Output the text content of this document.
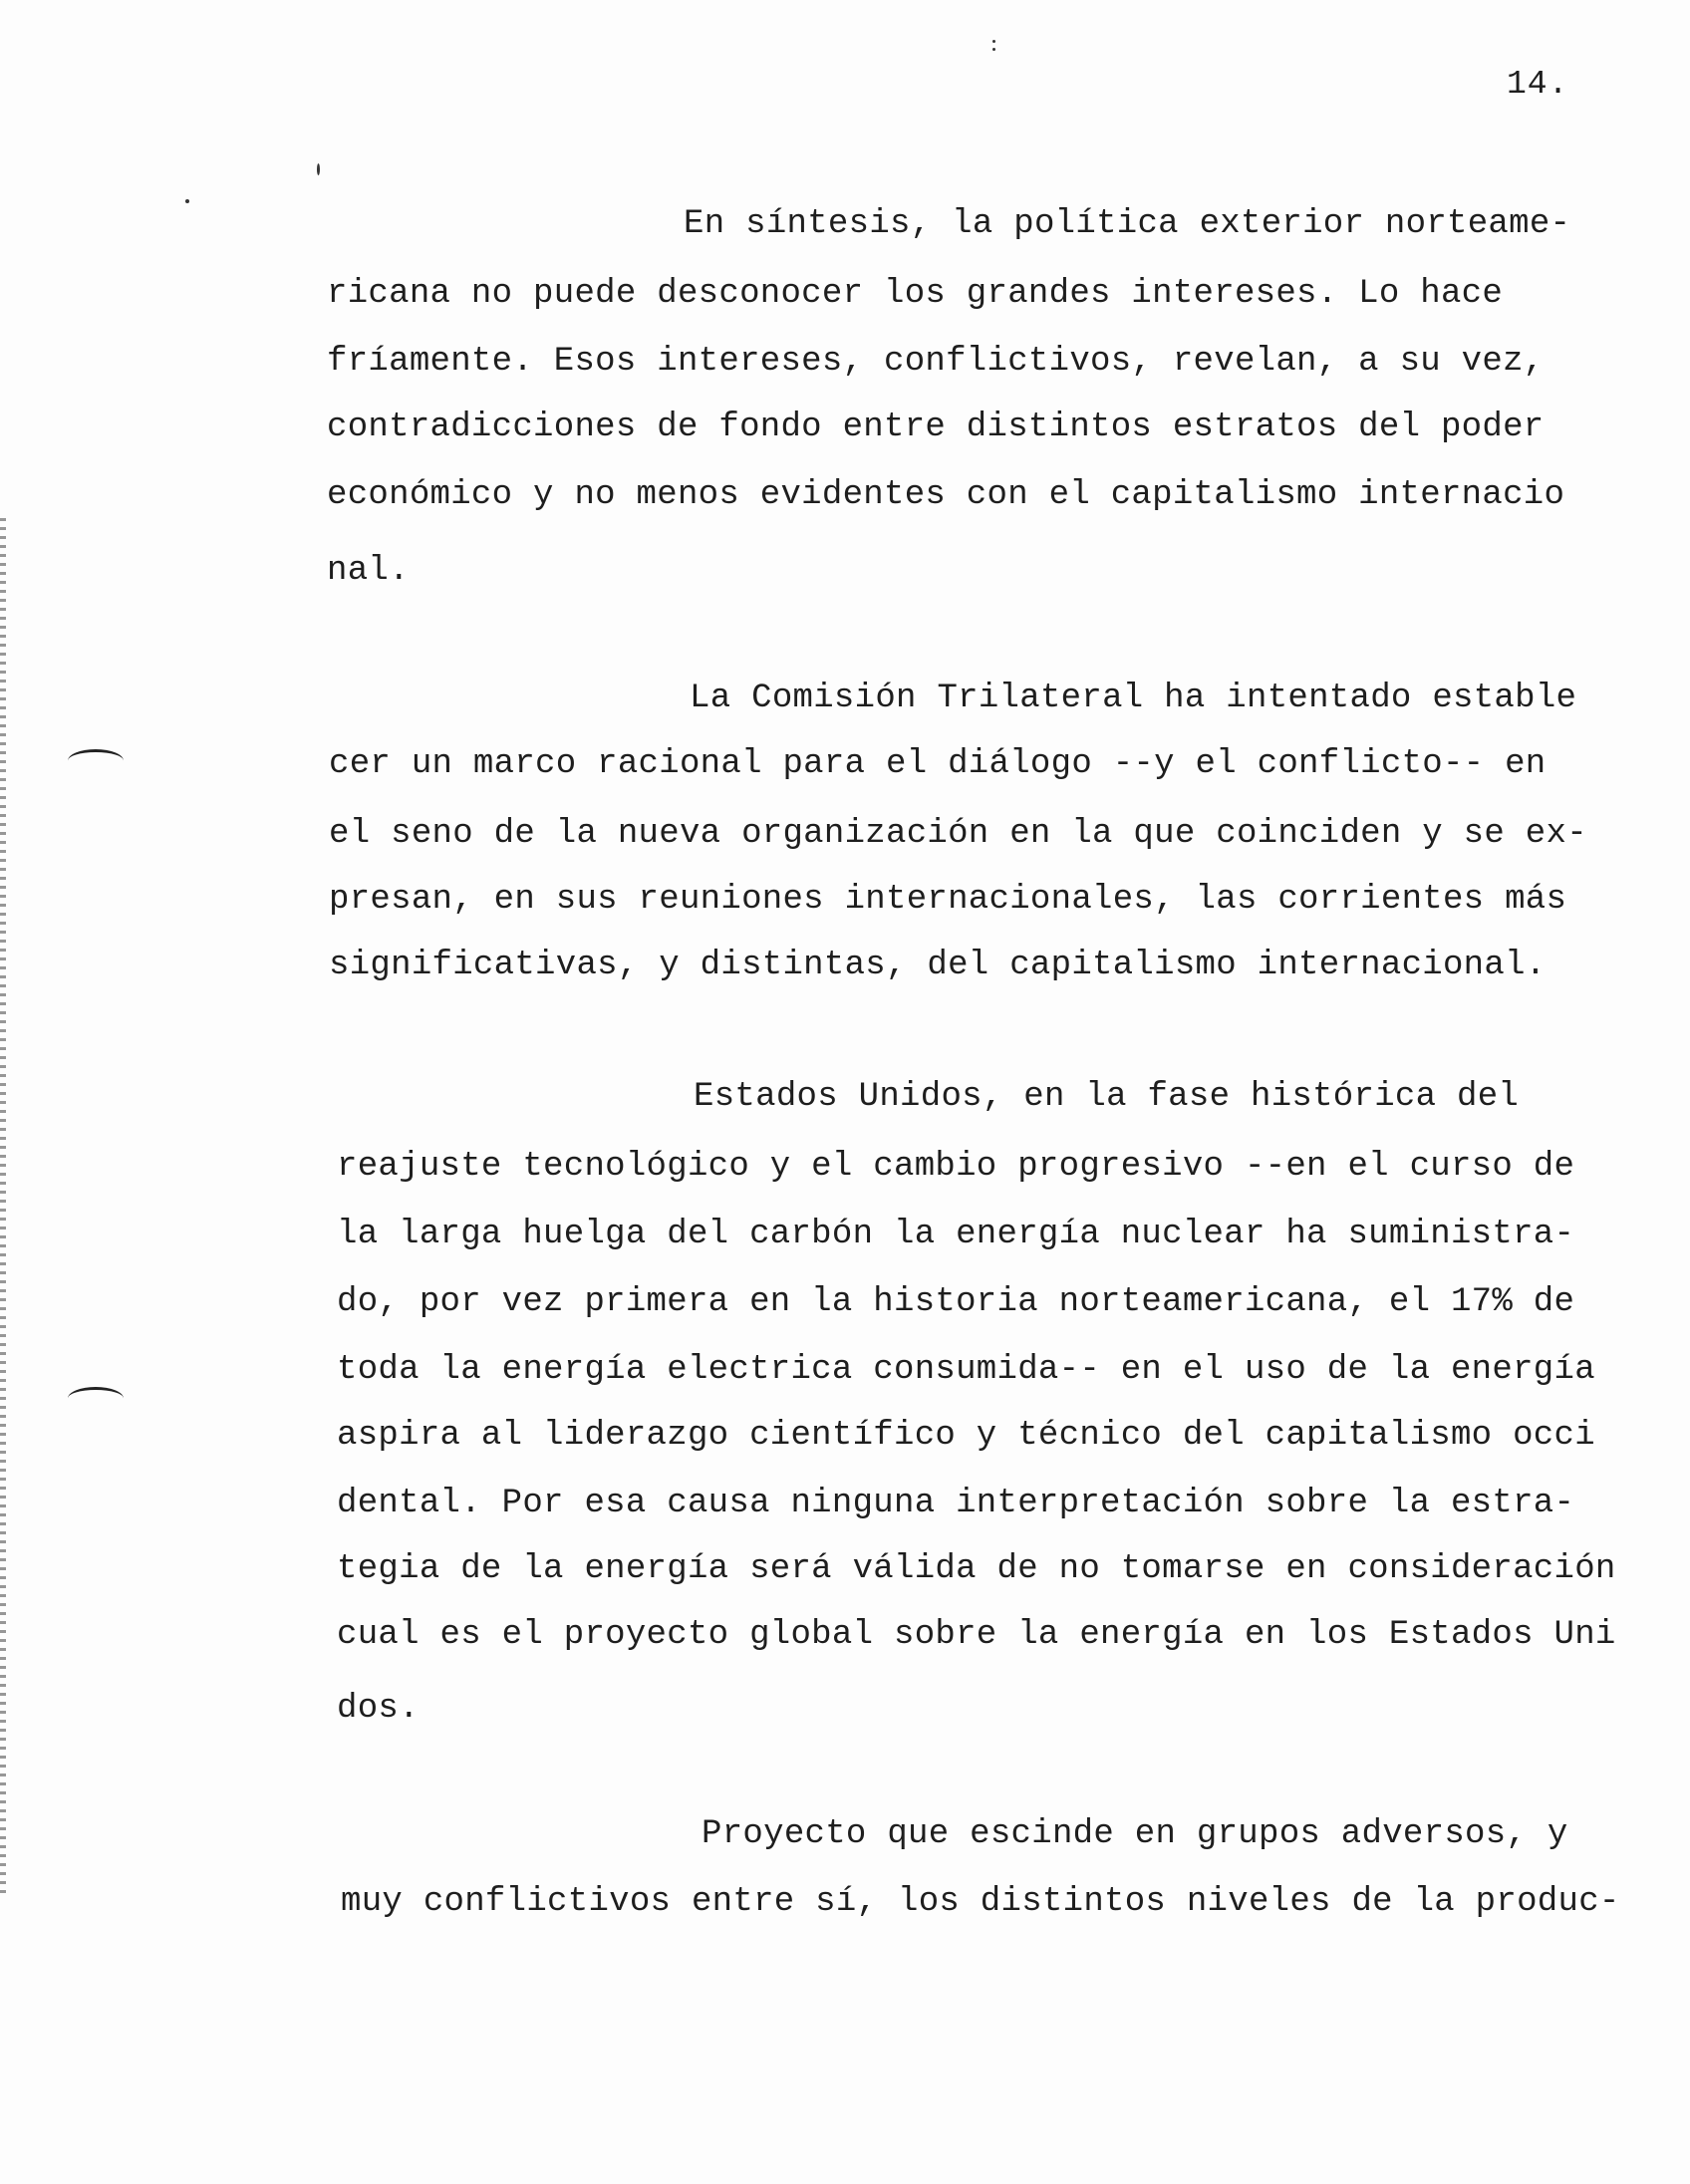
14.
En síntesis, la política exterior norteame-
ricana no puede desconocer los grandes intereses. Lo hace
fríamente. Esos intereses, conflictivos, revelan, a su vez,
contradicciones de fondo entre distintos estratos del poder
económico y no menos evidentes con el capitalismo internacio
nal.
La Comisión Trilateral ha intentado estable
cer un marco racional para el diálogo --y el conflicto-- en
el seno de la nueva organización en la que coinciden y se ex-
presan, en sus reuniones internacionales, las corrientes más
significativas, y distintas, del capitalismo internacional.
Estados Unidos, en la fase histórica del
reajuste tecnológico y el cambio progresivo --en el curso de
la larga huelga del carbón la energía nuclear ha suministra-
do, por vez primera en la historia norteamericana, el 17% de
toda la energía electrica consumida-- en el uso de la energía
aspira al liderazgo científico y técnico del capitalismo occi
dental. Por esa causa ninguna interpretación sobre la estra-
tegia de la energía será válida de no tomarse en consideración
cual es el proyecto global sobre la energía en los Estados Uni
dos.
Proyecto que escinde en grupos adversos, y
muy conflictivos entre sí, los distintos niveles de la produc-
